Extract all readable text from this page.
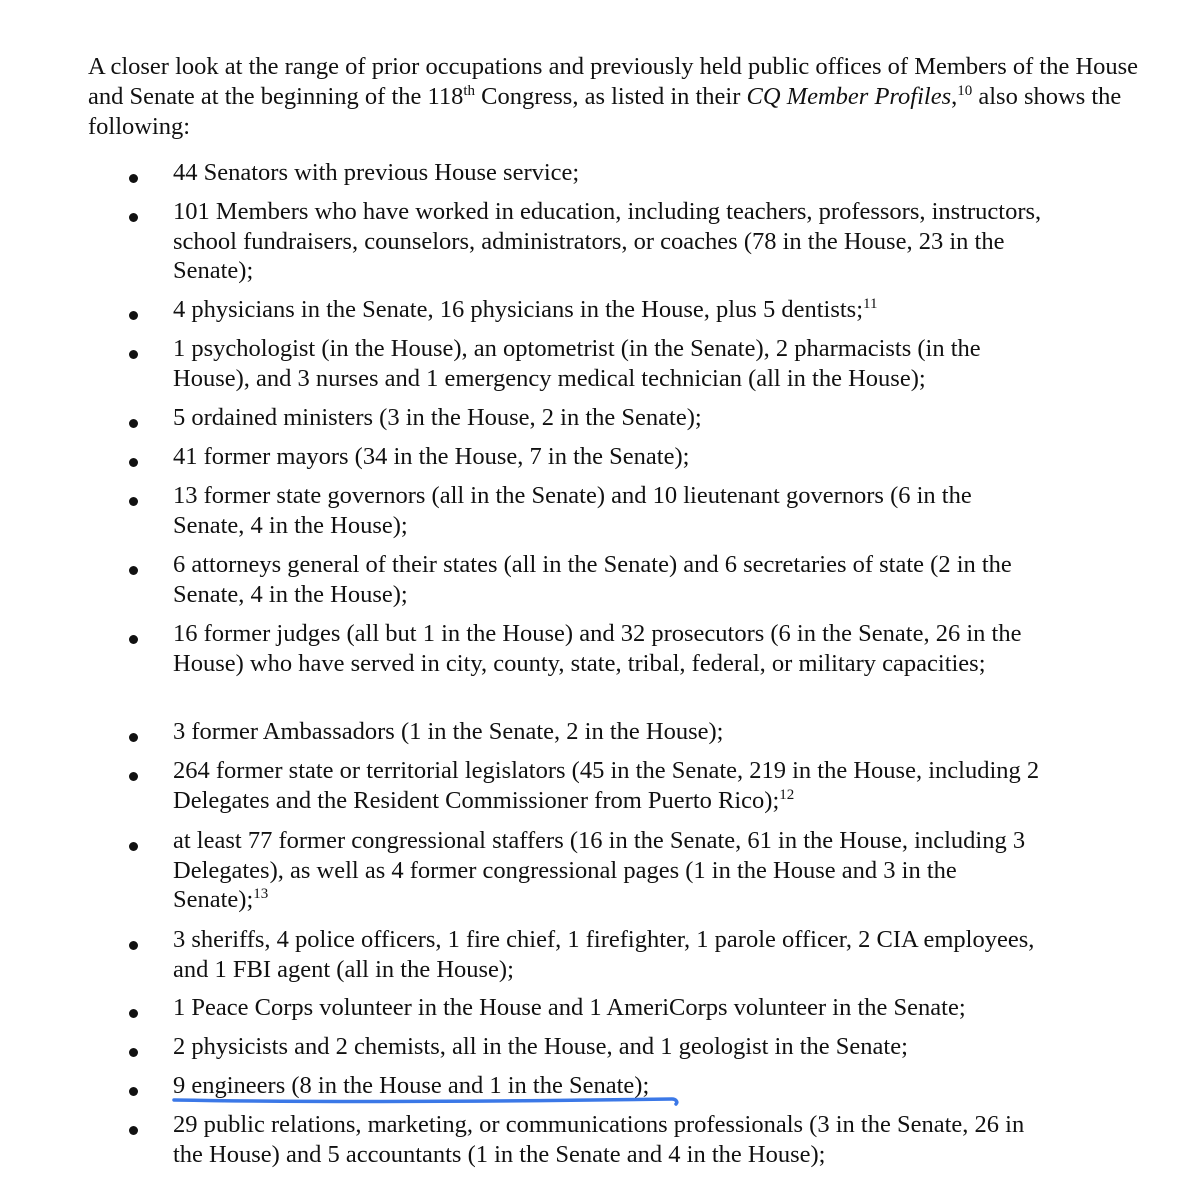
A closer look at the range of prior occupations and previously held public offices of Members of the House and Senate at the beginning of the 118th Congress, as listed in their CQ Member Profiles,$^{10}$ also shows the following:

44 Senators with previous House service;

101 Members who have worked in education, including teachers, professors, instructors, school fundraisers, counselors, administrators, or coaches (78 in the House, 23 in the Senate);

4 physicians in the Senate, 16 physicians in the House, plus 5 dentists;$^{11}$

1 psychologist (in the House), an optometrist (in the Senate), 2 pharmacists (in the House), and 3 nurses and 1 emergency medical technician (all in the House);

5 ordained ministers (3 in the House, 2 in the Senate);

41 former mayors (34 in the House, 7 in the Senate);

13 former state governors (all in the Senate) and 10 lieutenant governors (6 in the Senate, 4 in the House);

6 attorneys general of their states (all in the Senate) and 6 secretaries of state (2 in the Senate, 4 in the House);

16 former judges (all but 1 in the House) and 32 prosecutors (6 in the Senate, 26 in the House) who have served in city, county, state, tribal, federal, or military capacities;

3 former Ambassadors (1 in the Senate, 2 in the House);

264 former state or territorial legislators (45 in the Senate, 219 in the House, including 2 Delegates and the Resident Commissioner from Puerto Rico);$^{12}$

at least 77 former congressional staffers (16 in the Senate, 61 in the House, including 3 Delegates), as well as 4 former congressional pages (1 in the House and 3 in the Senate);$^{13}$

3 sheriffs, 4 police officers, 1 fire chief, 1 firefighter, 1 parole officer, 2 CIA employees, and 1 FBI agent (all in the House);

1 Peace Corps volunteer in the House and 1 AmeriCorps volunteer in the Senate;

2 physicists and 2 chemists, all in the House, and 1 geologist in the Senate;

9 engineers (8 in the House and 1 in the Senate);

29 public relations, marketing, or communications professionals (3 in the Senate, 26 in the House) and 5 accountants (1 in the Senate and 4 in the House);
